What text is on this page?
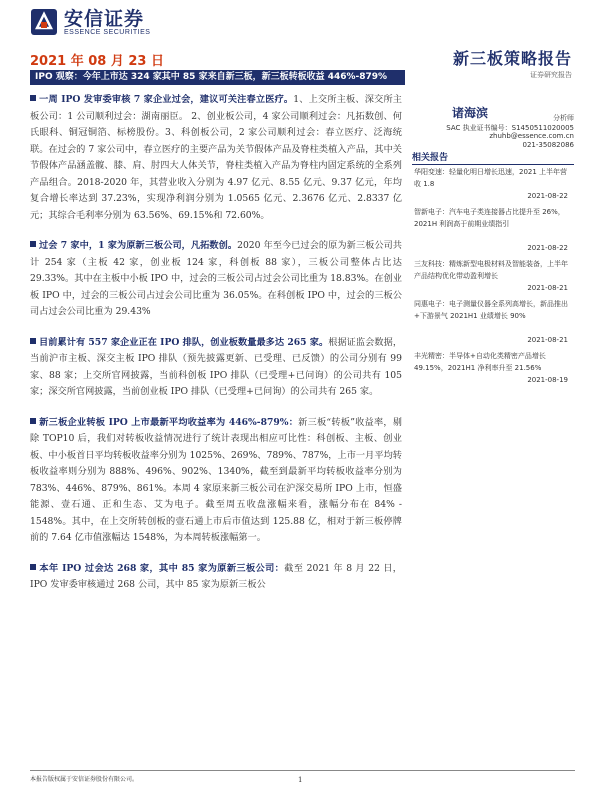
安信证券
ESSENCE SECURITIES
2021 年 08 月 23 日	新三板策略报告
证券研究报告
IPO 观察：今年上市达 324 家其中 85 家来自新三板，新三板转板收益 446%-879%

一周 IPO 发审委审核 7 家企业过会，建议可关注春立医疗。1、上交所主板、深交所主板公司：1 公司顺利过会：湖南丽臣。 2、创业板公司，4 家公司顺利过会：凡拓数创、何氏眼科、铜冠铜箔、标榜股份。3、科创板公司，2 家公司顺利过会：春立医疗、泛海统联。在过会的 7 家公司中，春立医疗的主要产品为关节假体产品及脊柱类植入产品，其中关节假体产品涵盖髋、膝、肩、肘四大人体关节，脊柱类植入产品为脊柱内固定系统的全系列产品组合。2018-2020 年，其营业收入分别为 4.97 亿元、8.55 亿元、9.37 亿元，年均复合增长率达到 37.23%，实现净利润分别为 1.0565 亿元、2.3676 亿元、2.8337 亿元；其综合毛利率分别为 63.56%、69.15%和 72.60%。

过会 7 家中，1 家为原新三板公司，凡拓数创。2020 年至今已过会的原为新三板公司共计 254 家（主板 42 家，创业板 124 家，科创板 88 家），三板公司整体占比达 29.33%。其中在主板中小板 IPO 中，过会的三板公司占过会公司比重为 18.83%。在创业板 IPO 中，过会的三板公司占过会公司比重为 36.05%。在科创板 IPO 中，过会的三板公司占过会公司比重为 29.43%

目前累计有 557 家企业正在 IPO 排队，创业板数量最多达 265 家。根据证监会数据，当前沪市主板、深交主板 IPO 排队（预先披露更新、已受理、已反馈）的公司分别有 99 家、88 家；上交所官网披露，当前科创板 IPO 排队（已受理+已问询）的公司共有 105 家；深交所官网披露，当前创业板 IPO 排队（已受理+已问询）的公司共有 265 家。

新三板企业转板 IPO 上市最新平均收益率为 446%-879%：新三板“转板”收益率，剔除 TOP10 后，我们对转板收益情况进行了统计表现出相应可比性：科创板、主板、创业板、中小板首日平均转板收益率分别为 1025%、269%、789%、787%，上市一月平均转板收益率则分别为 888%、496%、902%、1340%，截至到最新平均转板收益率分别为 783%、446%、879%、861%。本周 4 家原来新三板公司在沪深交易所 IPO 上市，恒盛能源、壹石通、正和生态、艾为电子。截至周五收盘涨幅来看，涨幅分布在 84% - 1548%。其中，在上交所转创板的壹石通上市后市值达到 125.88 亿，相对于新三板停牌前的 7.64 亿市值涨幅达 1548%，为本周转板涨幅第一。

本年 IPO 过会达 268 家，其中 85 家为原新三板公司：截至 2021 年 8 月 22 日，IPO 发审委审核通过 268 公司，其中 85 家为原新三板公

诸海滨	分析师
SAC 执业证书编号：S1450511020005
zhuhb@essence.com.cn
021-35082086
相关报告
华阳变速：轻量化明日增长迅速，2021 上半年营收 1.8
2021-08-22
智新电子：汽车电子类连接器占比提升至 26%，2021H 利润高于前期业绩指引
2021-08-22
三友科技：精炼新型电极材料及智能装备，上半年产品结构优化带动盈利增长
2021-08-21
同惠电子：电子测量仪器全系列高增长，新品推出+下游景气 2021H1 业绩增长 90%
2021-08-21
丰光精密：半导体+自动化类精密产品增长 49.15%，2021H1 净利率升至 21.56%
2021-08-19
本报告版权属于安信证券股份有限公司。	1
